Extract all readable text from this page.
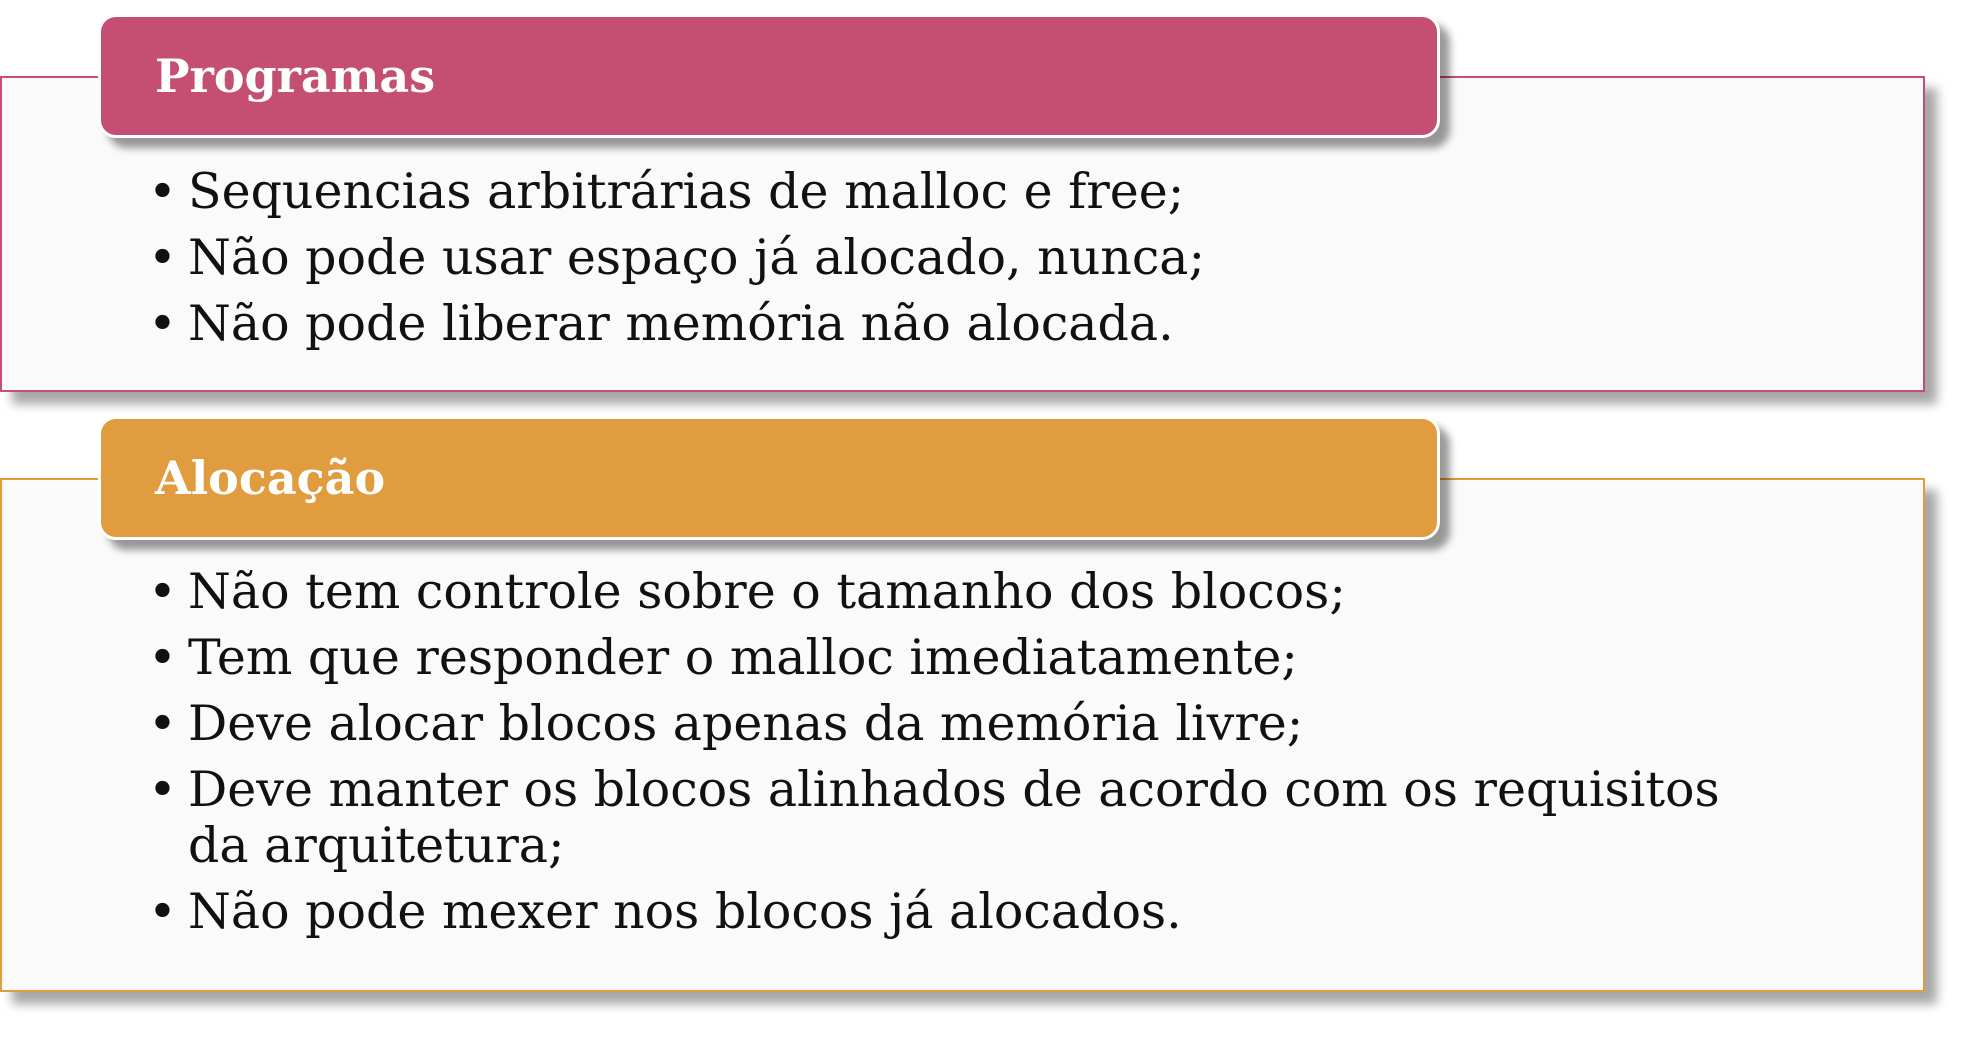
Programas
• Sequencias arbitrárias de malloc e free;
• Não pode usar espaço já alocado, nunca;
• Não pode liberar memória não alocada.
Alocação
• Não tem controle sobre o tamanho dos blocos;
• Tem que responder o malloc imediatamente;
• Deve alocar blocos apenas da memória livre;
• Deve manter os blocos alinhados de acordo com os requisitos da arquitetura;
• Não pode mexer nos blocos já alocados.
